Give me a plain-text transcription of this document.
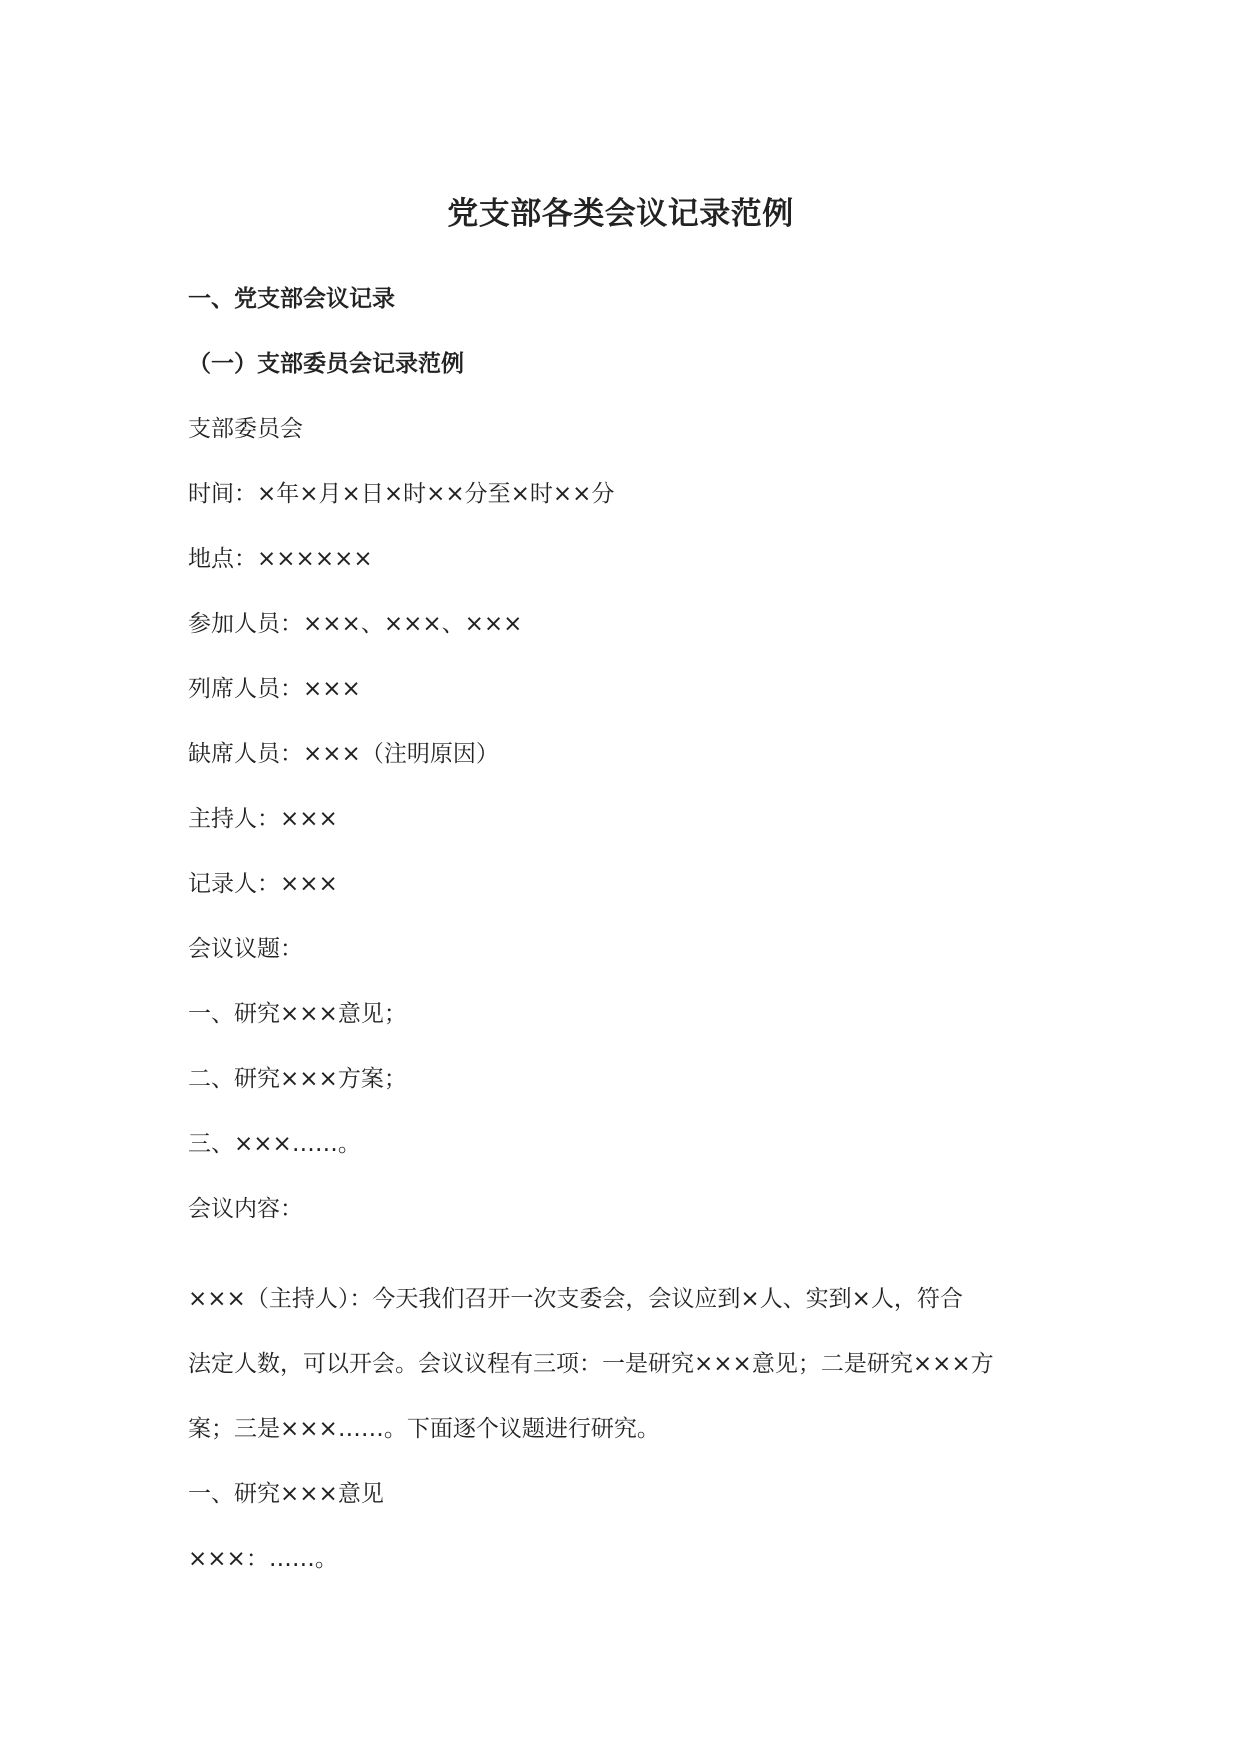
党支部各类会议记录范例
一、党支部会议记录
（一）支部委员会记录范例
支部委员会
时间：×年×月×日×时××分至×时××分
地点：××××××
参加人员：×××、×××、×××
列席人员：×××
缺席人员：×××（注明原因）
主持人：×××
记录人：×××
会议议题：
一、研究×××意见；
二、研究×××方案；
三、×××……。
会议内容：
×××（主持人）：今天我们召开一次支委会，会议应到×人、实到×人，符合
法定人数，可以开会。会议议程有三项：一是研究×××意见；二是研究×××方
案；三是×××……。下面逐个议题进行研究。
一、研究×××意见
×××：……。
